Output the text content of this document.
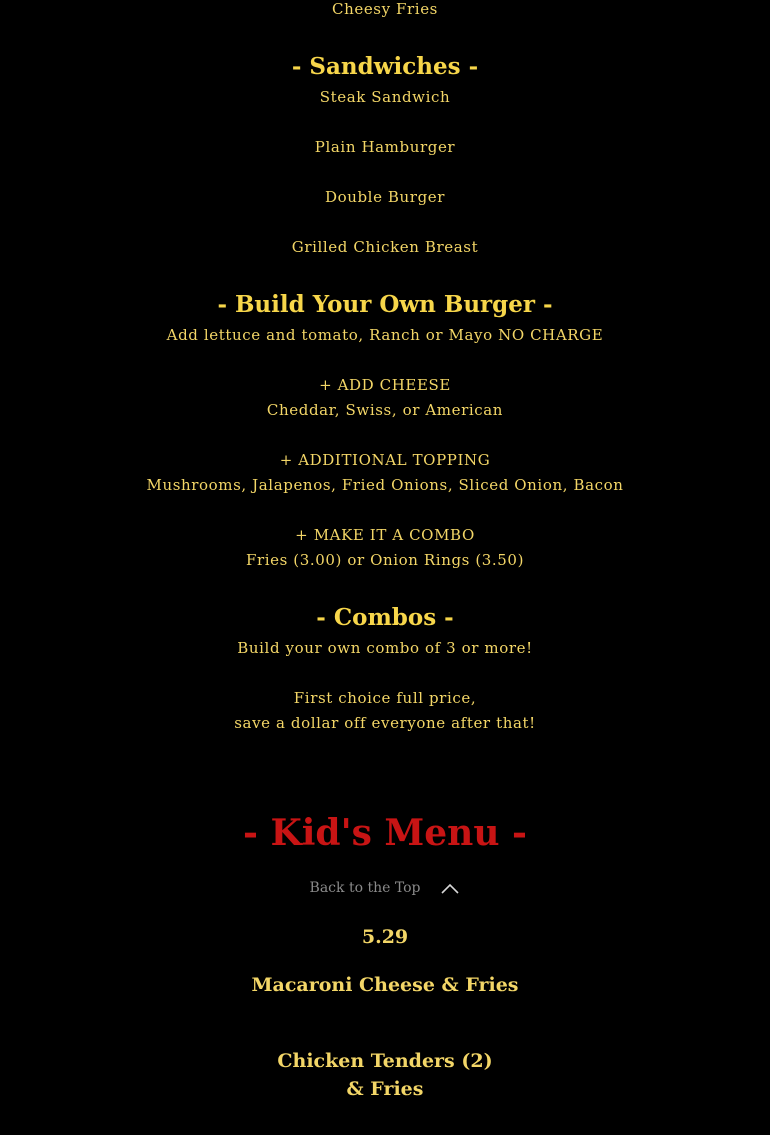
Cheesy Fries
- Sandwiches -
Steak Sandwich
Plain Hamburger
Double Burger
Grilled Chicken Breast
- Build Your Own Burger -
Add lettuce and tomato, Ranch or Mayo NO CHARGE
+ ADD CHEESE
Cheddar, Swiss, or American
+ ADDITIONAL TOPPING
Mushrooms, Jalapenos, Fried Onions, Sliced Onion, Bacon
+ MAKE IT A COMBO
Fries (3.00) or Onion Rings (3.50)
- Combos -
Build your own combo of 3 or more!
First choice full price,
save a dollar off everyone after that!
- Kid's Menu -
Back to the Top
5.29
Macaroni Cheese & Fries
Chicken Tenders (2)
& Fries
